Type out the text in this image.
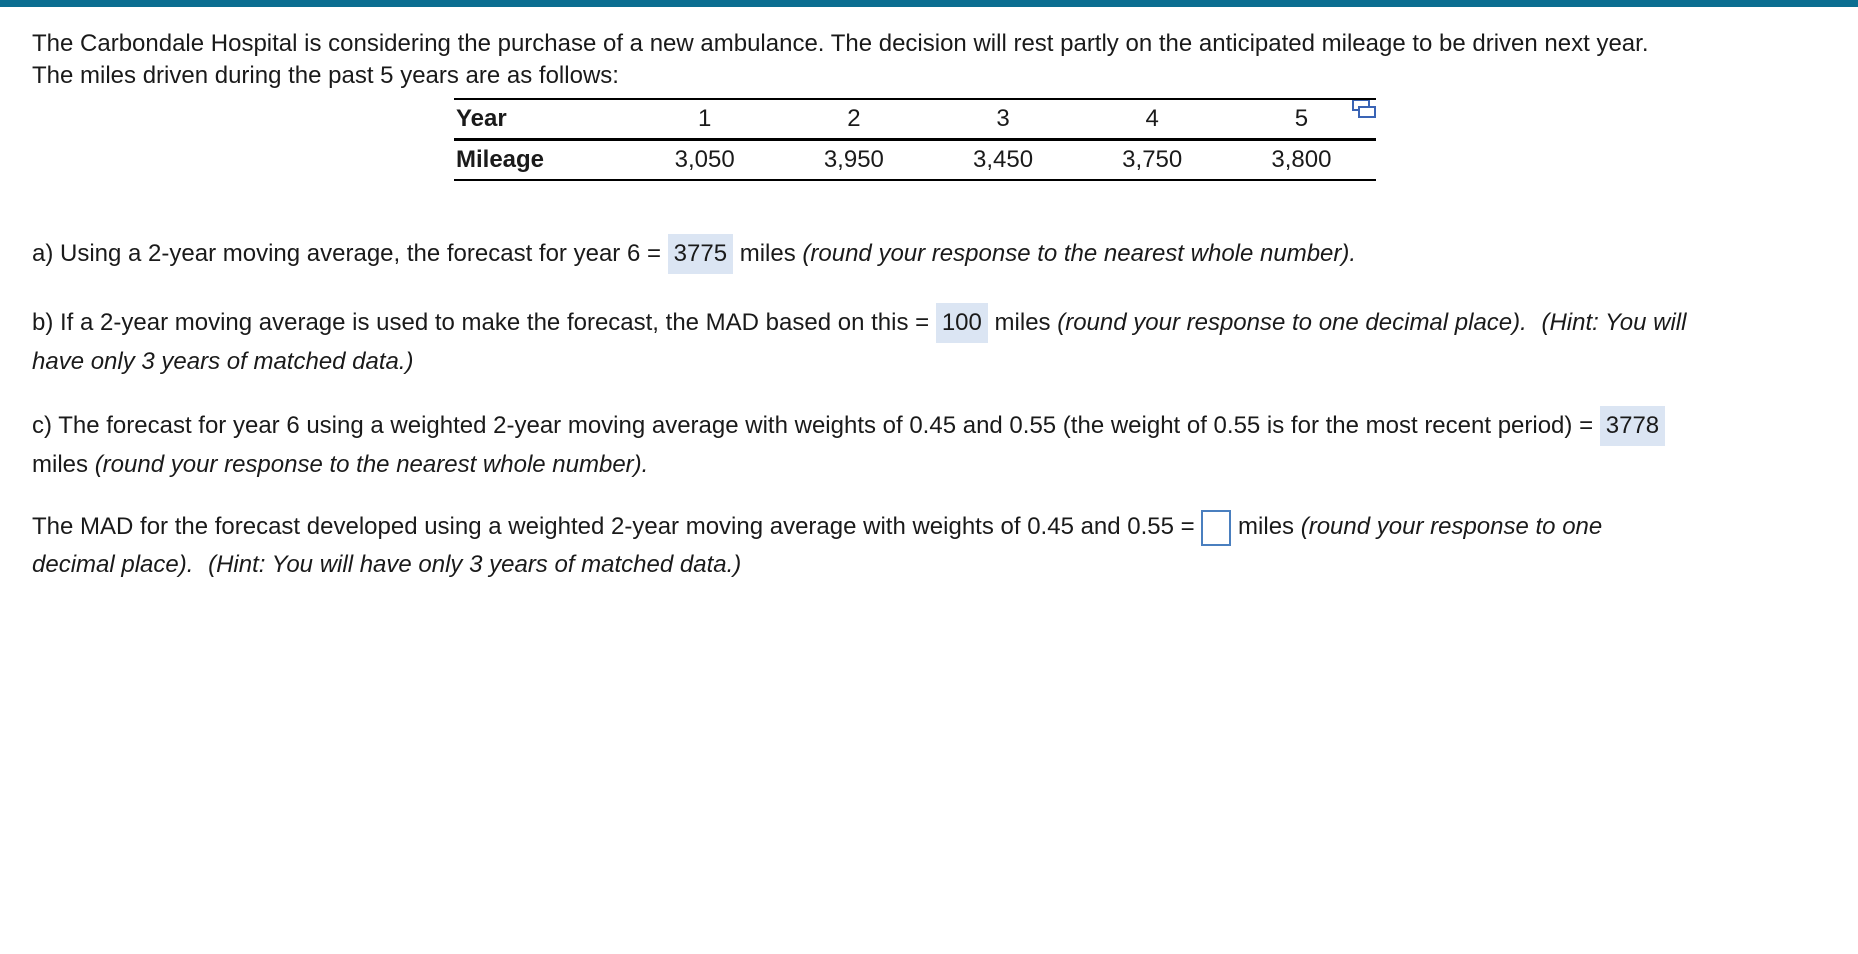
The Carbondale Hospital is considering the purchase of a new ambulance. The decision will rest partly on the anticipated mileage to be driven next year.
The miles driven during the past 5 years are as follows:

Year	1	2	3	4	5
Mileage	3,050	3,950	3,450	3,750	3,800
a) Using a 2-year moving average, the forecast for year 6 = 3775 miles (round your response to the nearest whole number).
b) If a 2-year moving average is used to make the forecast, the MAD based on this = 100 miles (round your response to one decimal place). (Hint: You will
have only 3 years of matched data.)
c) The forecast for year 6 using a weighted 2-year moving average with weights of 0.45 and 0.55 (the weight of 0.55 is for the most recent period) = 3778
miles (round your response to the nearest whole number).
The MAD for the forecast developed using a weighted 2-year moving average with weights of 0.45 and 0.55 = miles (round your response to one
decimal place). (Hint: You will have only 3 years of matched data.)
